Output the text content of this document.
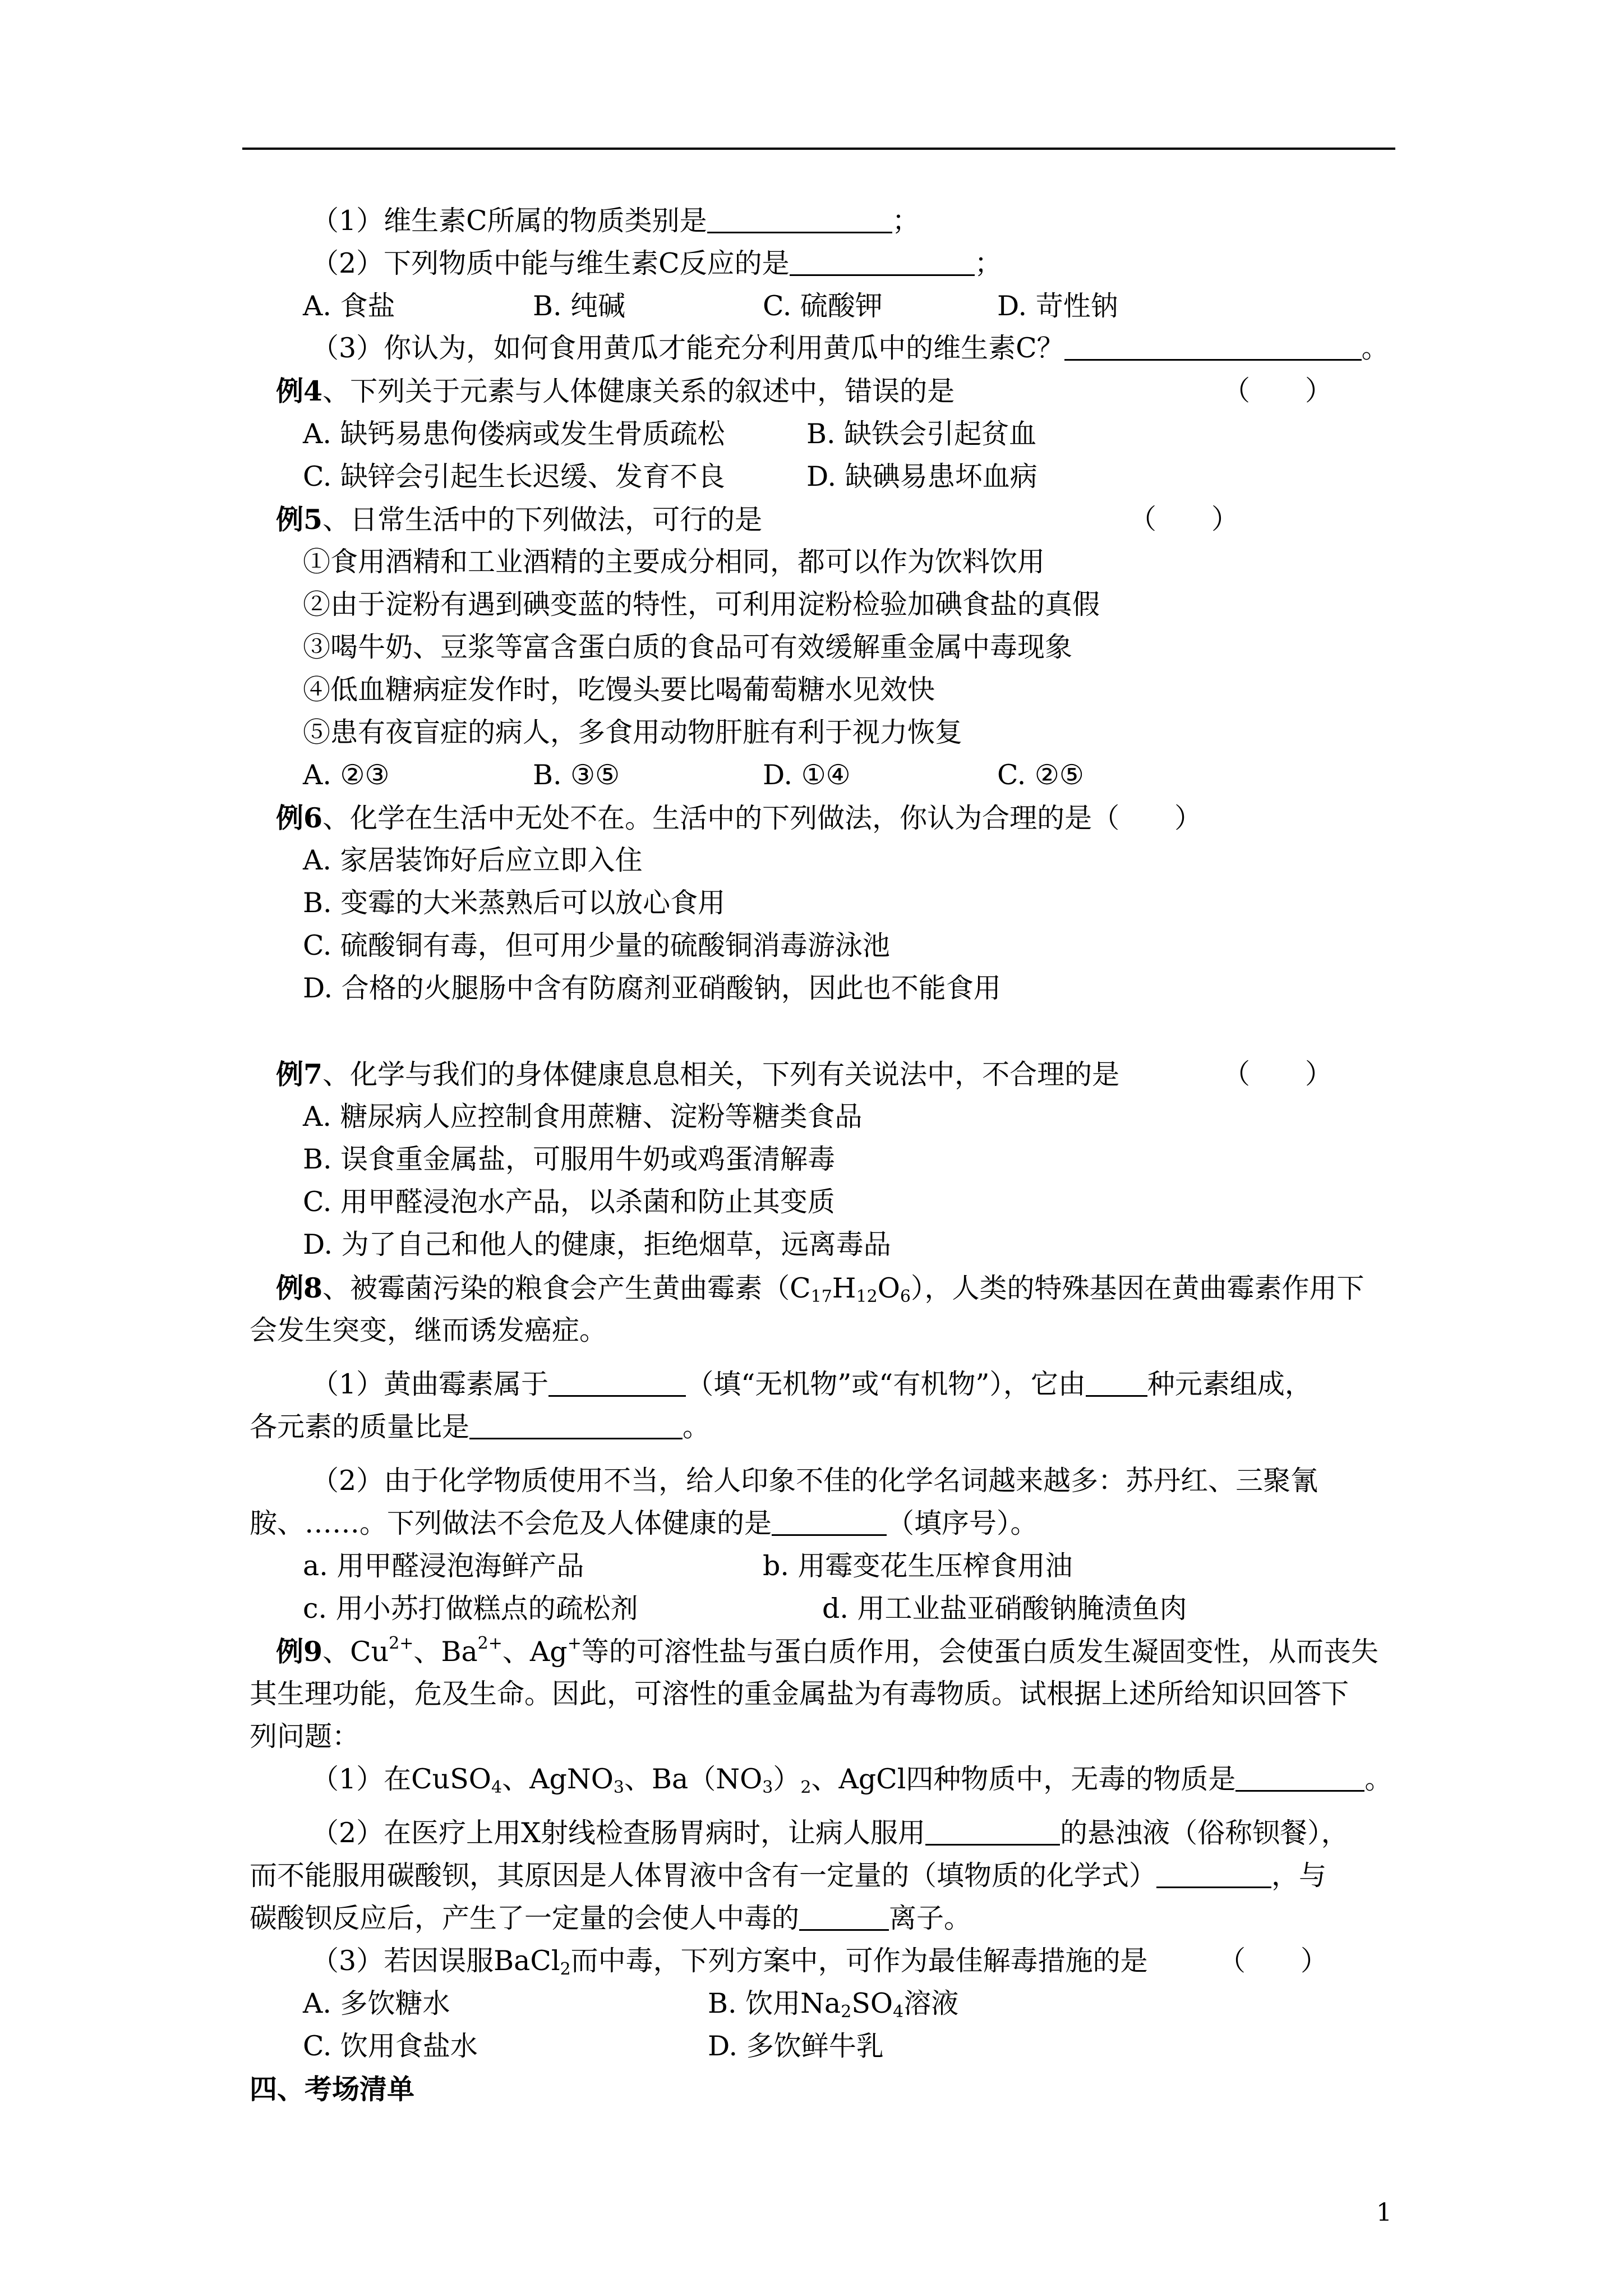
（1）维生素C所属的物质类别是	；
（2）下列物质中能与维生素C反应的是	；
A. 食盐	B. 纯碱	C. 硫酸钾	D. 苛性钠
（3）你认为，如何食用黄瓜才能充分利用黄瓜中的维生素C？	。
例4、下列关于元素与人体健康关系的叙述中，错误的是	（　　）
A. 缺钙易患佝偻病或发生骨质疏松	B. 缺铁会引起贫血
C. 缺锌会引起生长迟缓、发育不良	D. 缺碘易患坏血病
例5、日常生活中的下列做法，可行的是	（　　）
①食用酒精和工业酒精的主要成分相同，都可以作为饮料饮用
②由于淀粉有遇到碘变蓝的特性，可利用淀粉检验加碘食盐的真假
③喝牛奶、豆浆等富含蛋白质的食品可有效缓解重金属中毒现象
④低血糖病症发作时，吃馒头要比喝葡萄糖水见效快
⑤患有夜盲症的病人，多食用动物肝脏有利于视力恢复
A. ②③	B. ③⑤	D. ①④	C. ②⑤
例6、化学在生活中无处不在。生活中的下列做法，你认为合理的是（　　）
A. 家居装饰好后应立即入住
B. 变霉的大米蒸熟后可以放心食用
C. 硫酸铜有毒，但可用少量的硫酸铜消毒游泳池
D. 合格的火腿肠中含有防腐剂亚硝酸钠，因此也不能食用
例7、化学与我们的身体健康息息相关，下列有关说法中，不合理的是	（　　）
A. 糖尿病人应控制食用蔗糖、淀粉等糖类食品
B. 误食重金属盐，可服用牛奶或鸡蛋清解毒
C. 用甲醛浸泡水产品，以杀菌和防止其变质
D. 为了自己和他人的健康，拒绝烟草，远离毒品
例8、被霉菌污染的粮食会产生黄曲霉素$(C_{17}H_{12}O_6)$，人类的特殊基因在黄曲霉素作用下
会发生突变，继而诱发癌症。
（1）黄曲霉素属于	（填“无机物”或“有机物”），它由 种元素组成，
各元素的质量比是	。
（2）由于化学物质使用不当，给人印象不佳的化学名词越来越多：苏丹红、三聚氰
胺、……。下列做法不会危及人体健康的是	（填序号）。
a. 用甲醛浸泡海鲜产品	b. 用霉变花生压榨食用油
c. 用小苏打做糕点的疏松剂	d. 用工业盐亚硝酸钠腌渍鱼肉
例9、$Cu^{2+}$、$Ba^{2+}$、Ag+等的可溶性盐与蛋白质作用，会使蛋白质发生凝固变性，从而丧失
其生理功能，危及生命。因此，可溶性的重金属盐为有毒物质。试根据上述所给知识回答下
列问题：
（1）在CuSO$_4$、AgNO$_3$、$Ba(NO_3)_2$、AgCl四种物质中，无毒的物质是	。
（2）在医疗上用X射线检查肠胃病时，让病人服用	的悬浊液（俗称钡餐），
而不能服用碳酸钡，其原因是人体胃液中含有一定量的（填物质的化学式）	，与
碳酸钡反应后，产生了一定量的会使人中毒的	离子。
（3）若因误服BaCl$_2$而中毒，下列方案中，可作为最佳解毒措施的是	（　　）
A. 多饮糖水	B. 饮用$Na_2SO_4$溶液
C. 饮用食盐水	D. 多饮鲜牛乳
四、考场清单
1
